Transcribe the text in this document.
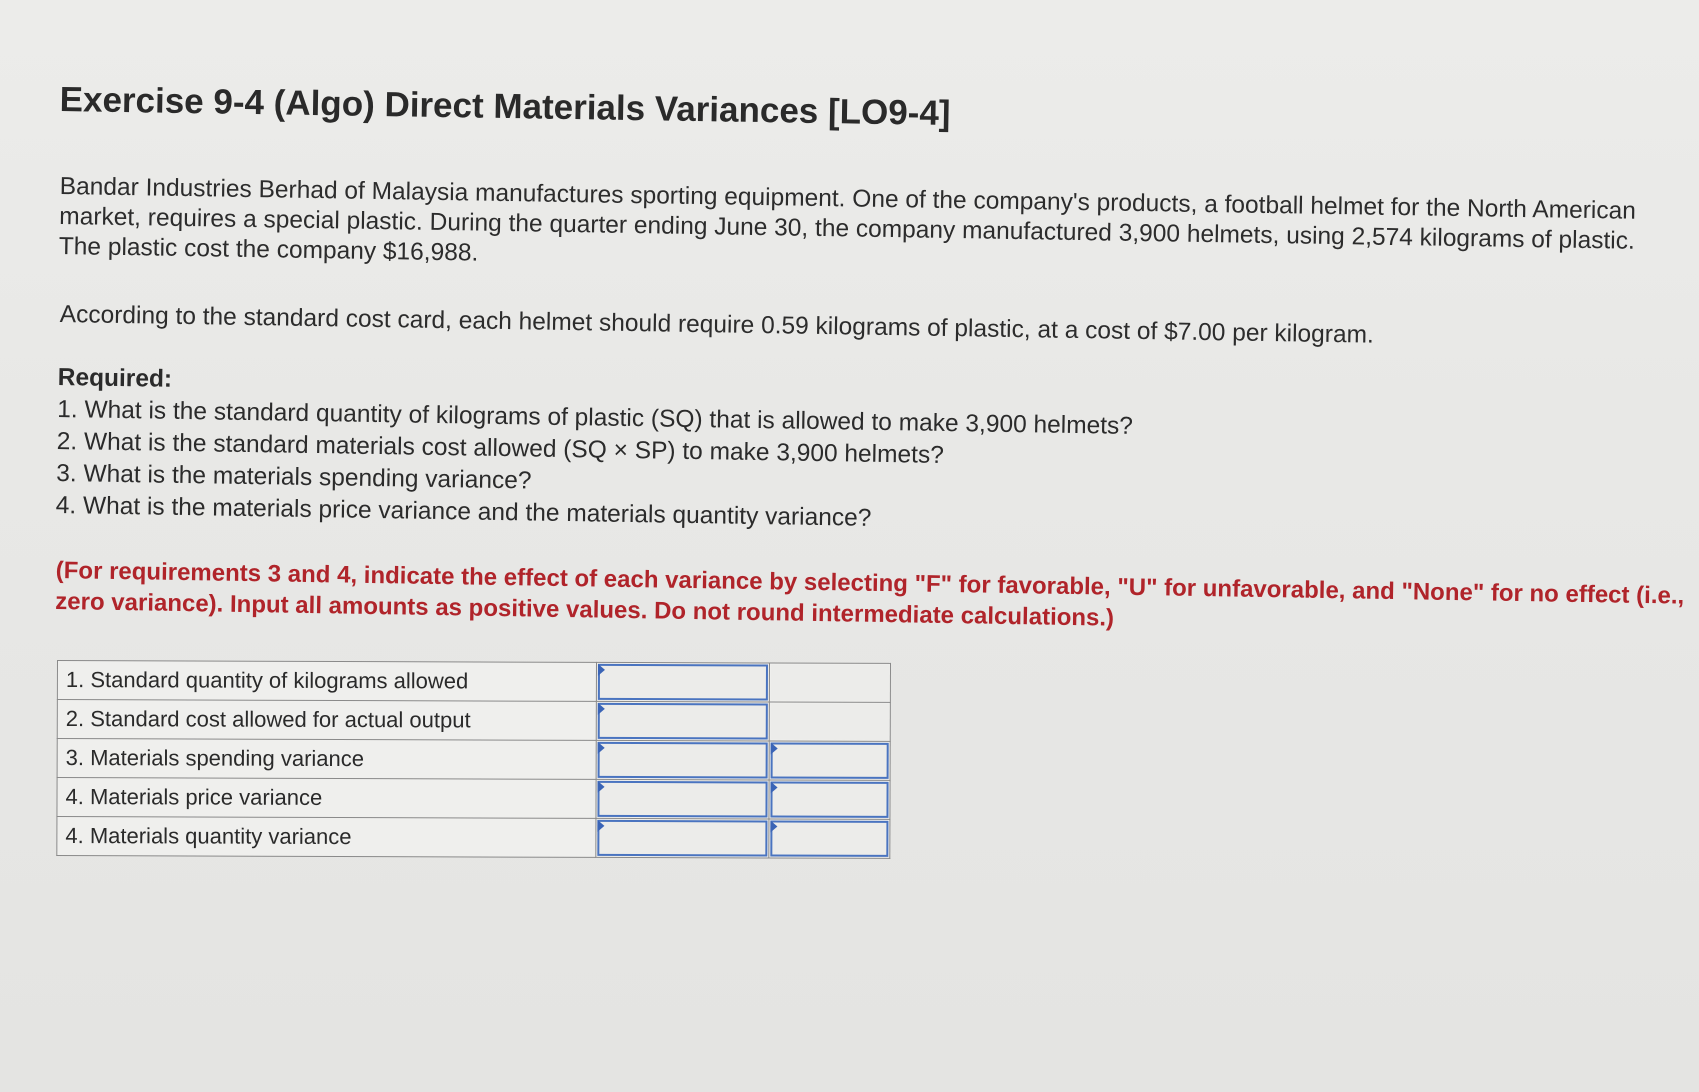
Exercise 9-4 (Algo) Direct Materials Variances [LO9-4]
Bandar Industries Berhad of Malaysia manufactures sporting equipment. One of the company's products, a football helmet for the North American market, requires a special plastic. During the quarter ending June 30, the company manufactured 3,900 helmets, using 2,574 kilograms of plastic. The plastic cost the company $16,988.
According to the standard cost card, each helmet should require 0.59 kilograms of plastic, at a cost of $7.00 per kilogram.
Required:
1. What is the standard quantity of kilograms of plastic (SQ) that is allowed to make 3,900 helmets?
2. What is the standard materials cost allowed (SQ × SP) to make 3,900 helmets?
3. What is the materials spending variance?
4. What is the materials price variance and the materials quantity variance?
(For requirements 3 and 4, indicate the effect of each variance by selecting "F" for favorable, "U" for unfavorable, and "None" for no effect (i.e., zero variance). Input all amounts as positive values. Do not round intermediate calculations.)
1. Standard quantity of kilograms allowed	

2. Standard cost allowed for actual output	

3. Materials spending variance	

4. Materials price variance	

4. Materials quantity variance	
